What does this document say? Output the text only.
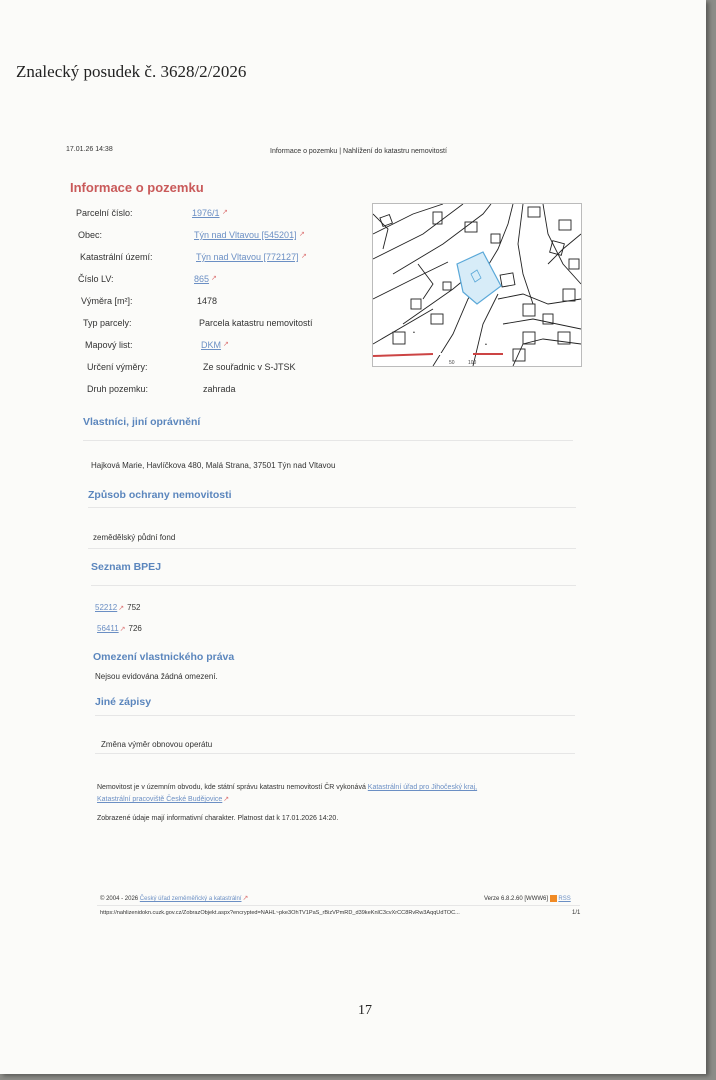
Znalecký posudek č. 3628/2/2026
17.01.26 14:38	Informace o pozemku | Nahlížení do katastru nemovitostí
Informace o pozemku
Parcelní číslo:	1976/1 ↗
Obec:	Týn nad Vltavou [545201] ↗
Katastrální území:	Týn nad Vltavou [772127] ↗
Číslo LV:	865 ↗
Výměra [m²]:	1478
Typ parcely:	Parcela katastru nemovitostí
Mapový list:	DKM ↗
Určení výměry:	Ze souřadnic v S-JTSK
Druh pozemku:	zahrada
•
•
50	100
Vlastníci, jiní oprávnění
Hajková Marie, Havlíčkova 480, Malá Strana, 37501 Týn nad Vltavou
Způsob ochrany nemovitosti
zemědělský půdní fond
Seznam BPEJ
52212↗ 752
56411↗ 726
Omezení vlastnického práva
Nejsou evidována žádná omezení.
Jiné zápisy
Změna výměr obnovou operátu
Nemovitost je v územním obvodu, kde státní správu katastru nemovitostí ČR vykonává Katastrální úřad pro Jihočeský kraj,
Katastrální pracoviště České Budějovice↗
Zobrazené údaje mají informativní charakter. Platnost dat k 17.01.2026 14:20.
© 2004 - 2026 Český úřad zeměměřický a katastrální↗	Verze 6.8.2.60 [WWW6] RSS
https://nahlizenidokn.cuzk.gov.cz/ZobrazObjekt.aspx?encrypted=NAHL~pke3OhTV1PaS_rBizVPmRD_d39keKnlC3cvXrCC8RvRw3AqqUdTOC...	1/1
17
